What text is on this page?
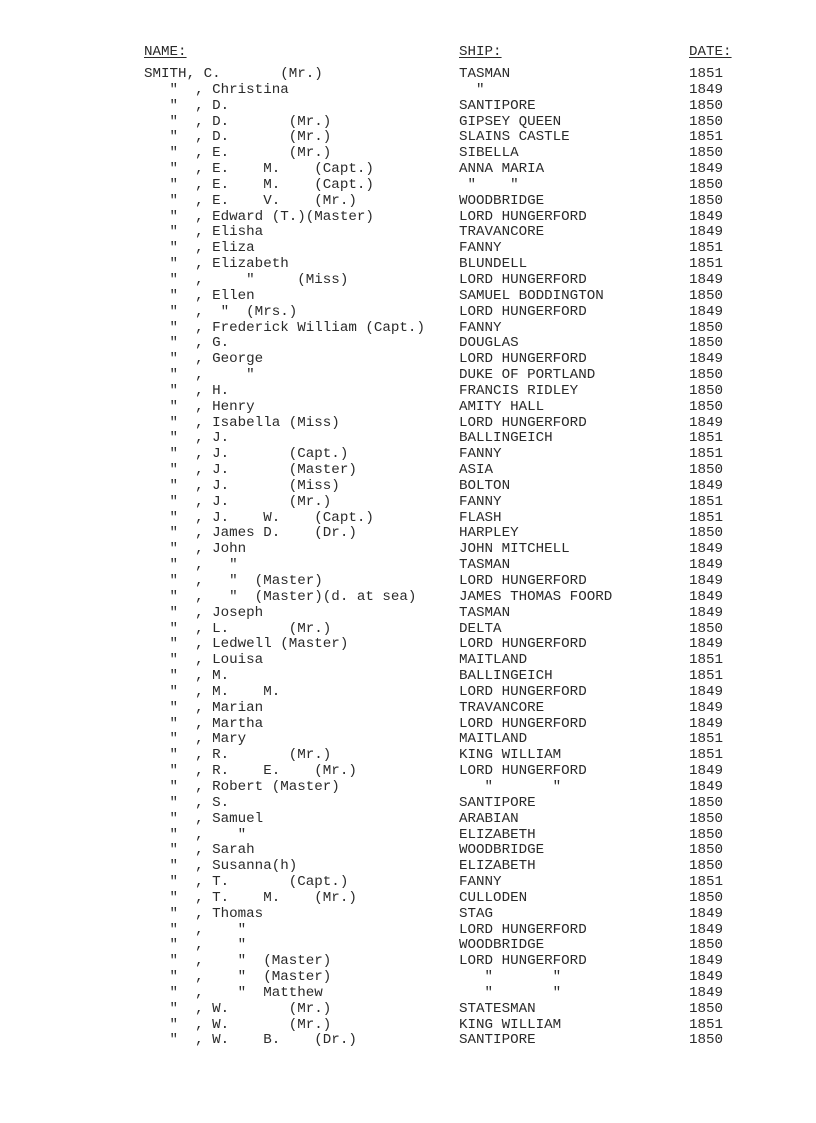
NAME:

	SHIP:

	DATE:

SMITH, C.       (Mr.)	TASMAN	1851
"  , Christina	"	1849
"  , D.	SANTIPORE	1850
"  , D.       (Mr.)	GIPSEY QUEEN	1850
"  , D.       (Mr.)	SLAINS CASTLE	1851
"  , E.       (Mr.)	SIBELLA	1850
"  , E.    M.    (Capt.)	ANNA MARIA	1849
"  , E.    M.    (Capt.)	"    "	1850
"  , E.    V.    (Mr.)	WOODBRIDGE	1850
"  , Edward (T.)(Master)	LORD HUNGERFORD	1849
"  , Elisha	TRAVANCORE	1849
"  , Eliza	FANNY	1851
"  , Elizabeth	BLUNDELL	1851
"  ,     "     (Miss)	LORD HUNGERFORD	1849
"  , Ellen	SAMUEL BODDINGTON	1850
"  ,  "  (Mrs.)	LORD HUNGERFORD	1849
"  , Frederick William (Capt.) FANNY	1850
"  , G.	DOUGLAS	1850
"  , George	LORD HUNGERFORD	1849
"  ,     "	DUKE OF PORTLAND	1850
"  , H.	FRANCIS RIDLEY	1850
"  , Henry	AMITY HALL	1850
"  , Isabella (Miss)	LORD HUNGERFORD	1849
"  , J.	BALLINGEICH	1851
"  , J.       (Capt.)	FANNY	1851
"  , J.       (Master)	ASIA	1850
"  , J.       (Miss)	BOLTON	1849
"  , J.       (Mr.)	FANNY	1851
"  , J.    W.    (Capt.)	FLASH	1851
"  , James D.    (Dr.)	HARPLEY	1850
"  , John	JOHN MITCHELL	1849
"  ,   "	TASMAN	1849
"  ,   "  (Master)	LORD HUNGERFORD	1849
"  ,   "  (Master)(d. at sea)	JAMES THOMAS FOORD	1849
"  , Joseph	TASMAN	1849
"  , L.       (Mr.)	DELTA	1850
"  , Ledwell (Master)	LORD HUNGERFORD	1849
"  , Louisa	MAITLAND	1851
"  , M.	BALLINGEICH	1851
"  , M.    M.	LORD HUNGERFORD	1849
"  , Marian	TRAVANCORE	1849
"  , Martha	LORD HUNGERFORD	1849
"  , Mary	MAITLAND	1851
"  , R.       (Mr.)	KING WILLIAM	1851
"  , R.    E.    (Mr.)	LORD HUNGERFORD	1849
"  , Robert (Master)	"       "	1849
"  , S.	SANTIPORE	1850
"  , Samuel	ARABIAN	1850
"  ,    "	ELIZABETH	1850
"  , Sarah	WOODBRIDGE	1850
"  , Susanna(h)	ELIZABETH	1850
"  , T.       (Capt.)	FANNY	1851
"  , T.    M.    (Mr.)	CULLODEN	1850
"  , Thomas	STAG	1849
"  ,    "	LORD HUNGERFORD	1849
"  ,    "	WOODBRIDGE	1850
"  ,    "  (Master)	LORD HUNGERFORD	1849
"  ,    "  (Master)	"       "	1849
"  ,    "  Matthew	"       "	1849
"  , W.       (Mr.)	STATESMAN	1850
"  , W.       (Mr.)	KING WILLIAM	1851
"  , W.    B.    (Dr.)	SANTIPORE	1850
